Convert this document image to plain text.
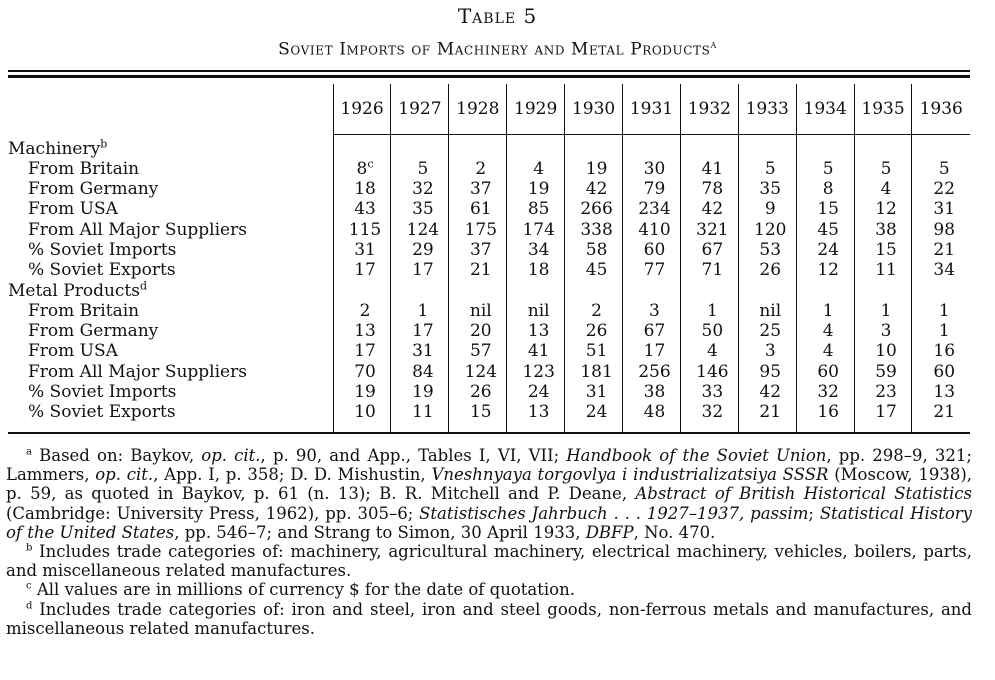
Table 5
Soviet Imports of Machinery and Metal Products$^a$
	1926	1927	1928	1929	1930	1931	1932	1933	1934	1935	1936
Machinery$^b$											
From Britain	8$^c$	5	2	4	19	30	41	5	5	5	5
From Germany	18	32	37	19	42	79	78	35	8	4	22
From USA	43	35	61	85	266	234	42	9	15	12	31
From All Major Suppliers	115	124	175	174	338	410	321	120	45	38	98
% Soviet Imports	31	29	37	34	58	60	67	53	24	15	21
% Soviet Exports	17	17	21	18	45	77	71	26	12	11	34
Metal Products$^d$											
From Britain	2	1	nil	nil	2	3	1	nil	1	1	1
From Germany	13	17	20	13	26	67	50	25	4	3	1
From USA	17	31	57	41	51	17	4	3	4	10	16
From All Major Suppliers	70	84	124	123	181	256	146	95	60	59	60
% Soviet Imports	19	19	26	24	31	38	33	42	32	23	13
% Soviet Exports	10	11	15	13	24	48	32	21	16	17	21

$^a$ Based on: Baykov, op. cit., p. 90, and App., Tables I, VI, VII; Handbook of the Soviet Union, pp. 298–9, 321; Lammers, op. cit., App. I, p. 358; D. D. Mishustin, Vneshnyaya torgovlya i industrializatsiya SSSR (Moscow, 1938), p. 59, as quoted in Baykov, p. 61 (n. 13); B. R. Mitchell and P. Deane, Abstract of British Historical Statistics (Cambridge: University Press, 1962), pp. 305–6; Statistisches Jahrbuch . . . 1927–1937, passim; Statistical History of the United States, pp. 546–7; and Strang to Simon, 30 April 1933, DBFP, No. 470.

$^b$ Includes trade categories of: machinery, agricultural machinery, electrical machinery, vehicles, boilers, parts, and miscellaneous related manufactures.

$^c$ All values are in millions of currency $ for the date of quotation.

$^d$ Includes trade categories of: iron and steel, iron and steel goods, non-ferrous metals and manufactures, and miscellaneous related manufactures.
